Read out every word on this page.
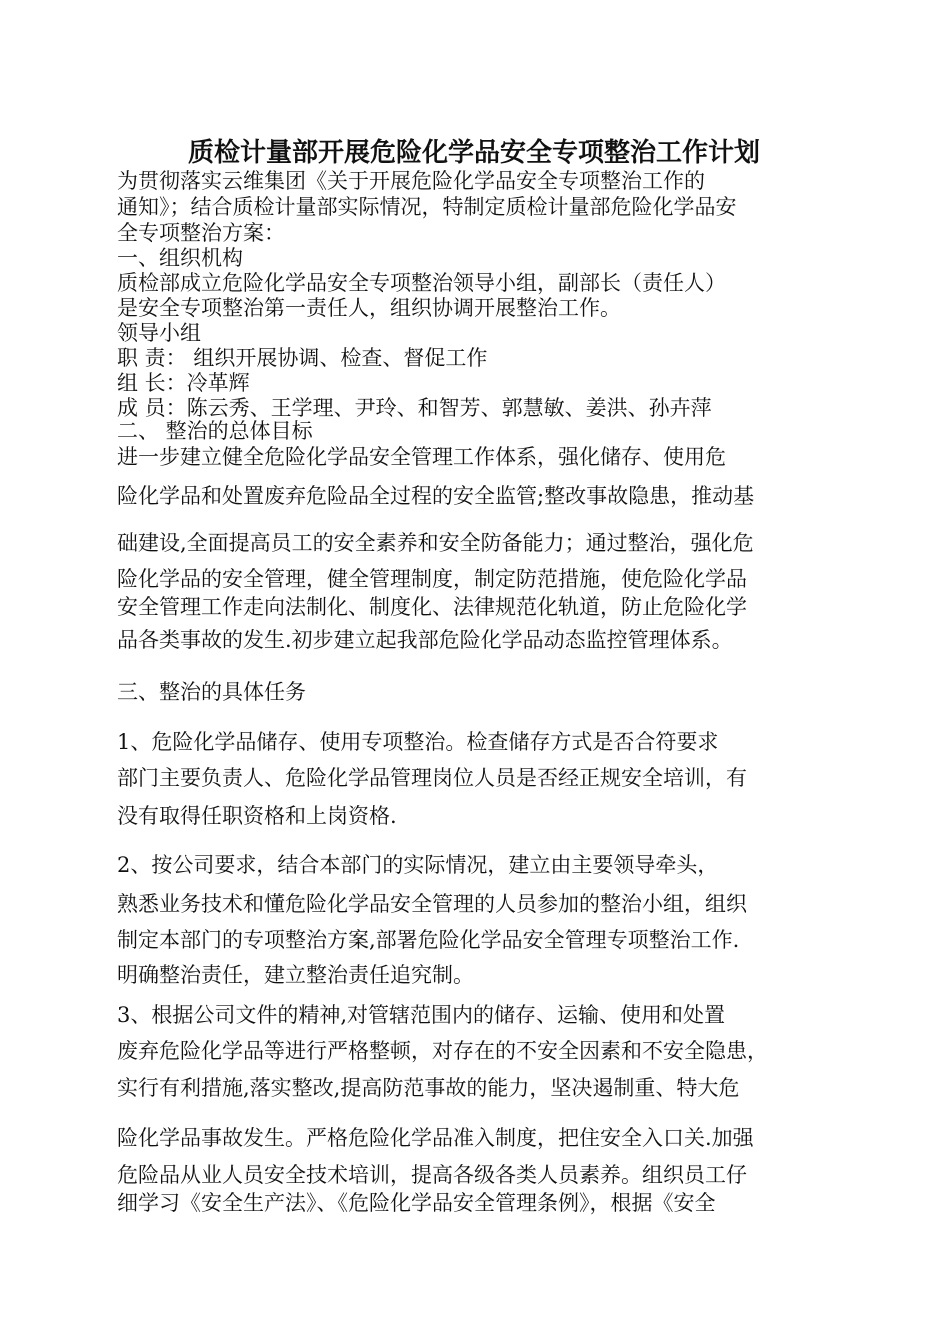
质检计量部开展危险化学品安全专项整治工作计划
为贯彻落实云维集团《关于开展危险化学品安全专项整治工作的
通知》；结合质检计量部实际情况，特制定质检计量部危险化学品安
全专项整治方案：
一、组织机构
质检部成立危险化学品安全专项整治领导小组，副部长（责任人）
是安全专项整治第一责任人，组织协调开展整治工作。
领导小组
职 责： 组织开展协调、检查、督促工作
组 长：冷革辉
成 员：陈云秀、王学理、尹玲、和智芳、郭慧敏、姜洪、孙卉萍
二、 整治的总体目标
进一步建立健全危险化学品安全管理工作体系，强化储存、使用危
险化学品和处置废弃危险品全过程的安全监管;整改事故隐患，推动基
础建设,全面提高员工的安全素养和安全防备能力；通过整治，强化危
险化学品的安全管理，健全管理制度，制定防范措施，使危险化学品
安全管理工作走向法制化、制度化、法律规范化轨道，防止危险化学
品各类事故的发生.初步建立起我部危险化学品动态监控管理体系。
三、整治的具体任务
1、危险化学品储存、使用专项整治。检查储存方式是否合符要求
部门主要负责人、危险化学品管理岗位人员是否经正规安全培训，有
没有取得任职资格和上岗资格.
2、按公司要求，结合本部门的实际情况，建立由主要领导牵头，
熟悉业务技术和懂危险化学品安全管理的人员参加的整治小组，组织
制定本部门的专项整治方案,部署危险化学品安全管理专项整治工作.
明确整治责任，建立整治责任追究制。
3、根据公司文件的精神,对管辖范围内的储存、运输、使用和处置
废弃危险化学品等进行严格整顿，对存在的不安全因素和不安全隐患，
实行有利措施,落实整改,提高防范事故的能力，坚决遏制重、特大危
险化学品事故发生。严格危险化学品准入制度，把住安全入口关.加强
危险品从业人员安全技术培训，提高各级各类人员素养。组织员工仔
细学习《安全生产法》、《危险化学品安全管理条例》，根据《安全
